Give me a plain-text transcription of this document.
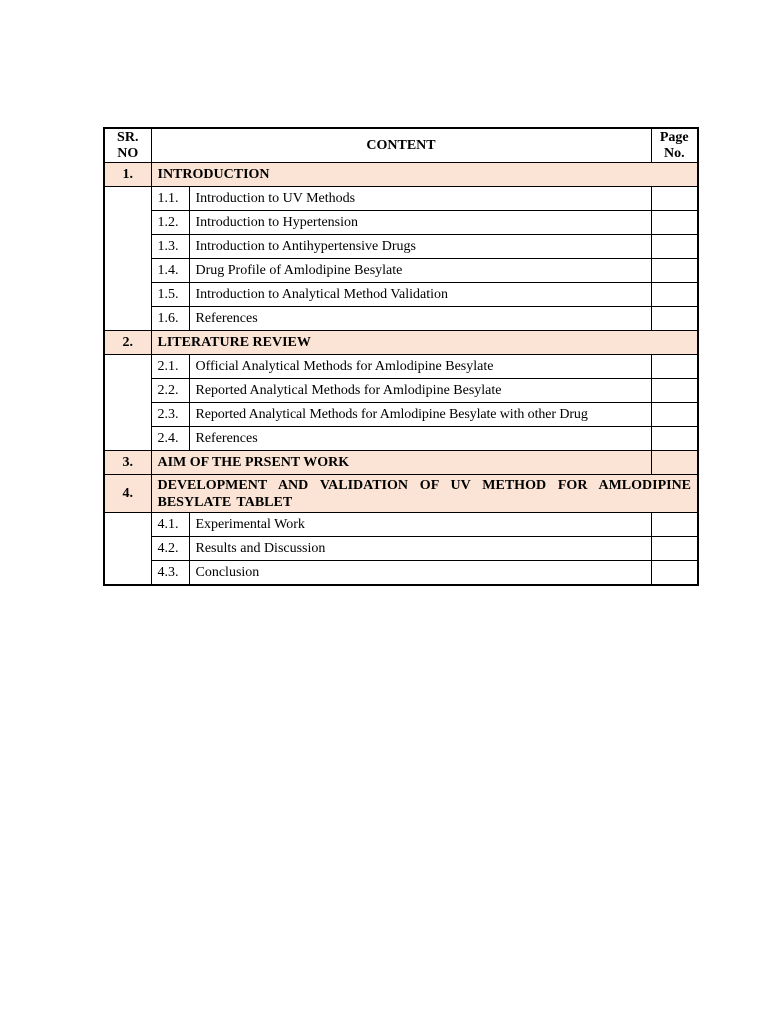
SR. NO	CONTENT		Page No.
1.	INTRODUCTION		
	1.1.	Introduction to UV Methods	
	1.2.	Introduction to Hypertension	
	1.3.	Introduction to Antihypertensive Drugs	
	1.4.	Drug Profile of Amlodipine Besylate	
	1.5.	Introduction to Analytical Method Validation	
	1.6.	References	
2.	LITERATURE REVIEW		
	2.1.	Official Analytical Methods for Amlodipine Besylate	
	2.2.	Reported Analytical Methods for Amlodipine Besylate	
	2.3.	Reported Analytical Methods for Amlodipine Besylate with other Drug	
	2.4.	References	
3.	AIM OF THE PRSENT WORK		
4.	DEVELOPMENT AND VALIDATION OF UV METHOD FOR AMLODIPINE BESYLATE TABLET		
	4.1.	Experimental Work	
	4.2.	Results and Discussion	
	4.3.	Conclusion	
